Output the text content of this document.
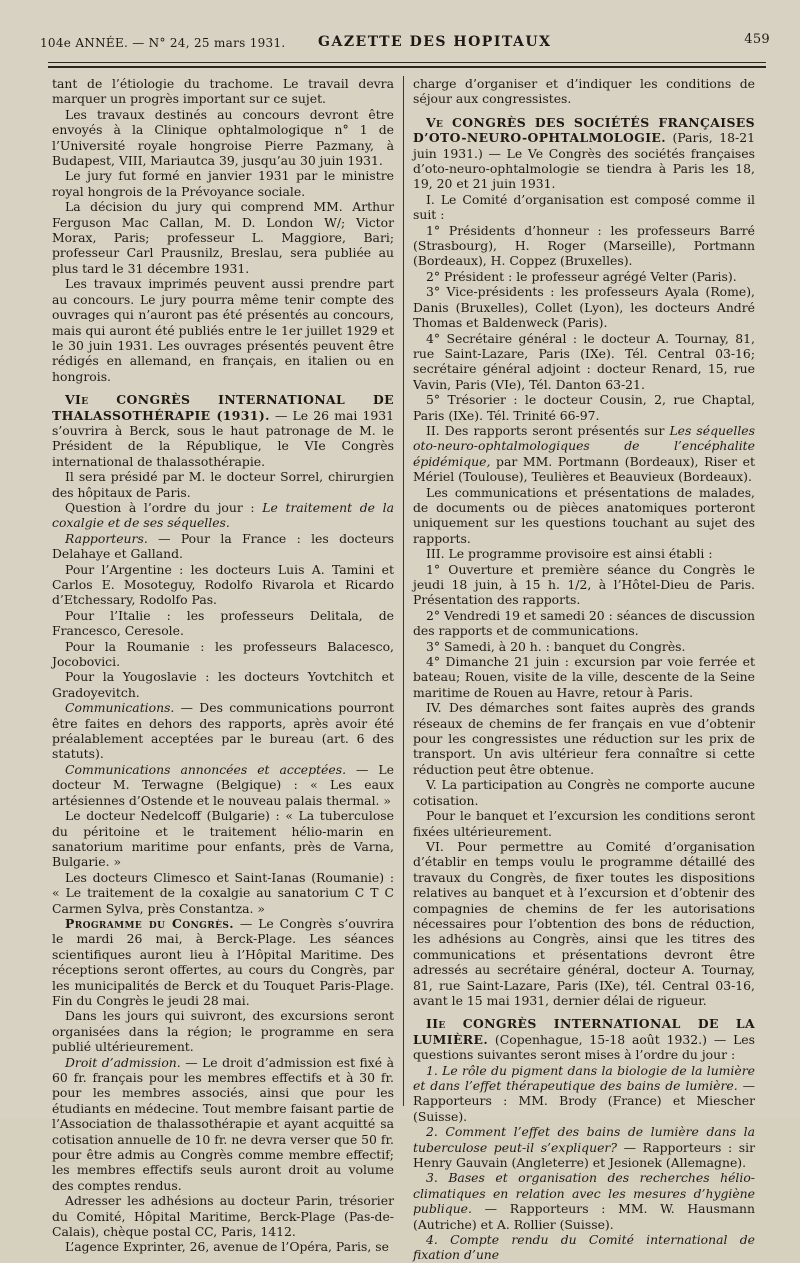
104e ANNÉE. — N° 24, 25 mars 1931. GAZETTE DES HOPITAUX	459

tant de l’étiologie du trachome. Le travail devra marquer un progrès important sur ce sujet.

Les travaux destinés au concours devront être envoyés à la Clinique ophtalmologique n° 1 de l’Université royale hongroise Pierre Pazmany, à Budapest, VIII, Mariautca 39, jusqu’au 30 juin 1931.

Le jury fut formé en janvier 1931 par le ministre royal hongrois de la Prévoyance sociale.

La décision du jury qui comprend MM. Arthur Ferguson Mac Callan, M. D. London W/; Victor Morax, Paris; professeur L. Maggiore, Bari; professeur Carl Prausnilz, Breslau, sera publiée au plus tard le 31 décembre 1931.

Les travaux imprimés peuvent aussi prendre part au concours. Le jury pourra même tenir compte des ouvrages qui n’auront pas été présentés au concours, mais qui auront été publiés entre le 1er juillet 1929 et le 30 juin 1931. Les ouvrages présentés peuvent être rédigés en allemand, en français, en italien ou en hongrois.

VIe CONGRÈS INTERNATIONAL DE THALASSOTHÉRAPIE (1931). — Le 26 mai 1931 s’ouvrira à Berck, sous le haut patronage de M. le Président de la République, le VIe Congrès international de thalassothérapie.

Il sera présidé par M. le docteur Sorrel, chirurgien des hôpitaux de Paris.

Question à l’ordre du jour : Le traitement de la coxalgie et de ses séquelles.

Rapporteurs. — Pour la France : les docteurs Delahaye et Galland.

Pour l’Argentine : les docteurs Luis A. Tamini et Carlos E. Mosoteguy, Rodolfo Rivarola et Ricardo d’Etchessary, Rodolfo Pas.

Pour l’Italie : les professeurs Delitala, de Francesco, Ceresole.

Pour la Roumanie : les professeurs Balacesco, Jocobovici.

Pour la Yougoslavie : les docteurs Yovtchitch et Gradoyevitch.

Communications. — Des communications pourront être faites en dehors des rapports, après avoir été préalablement acceptées par le bureau (art. 6 des statuts).

Communications annoncées et acceptées. — Le docteur M. Terwagne (Belgique) : « Les eaux artésiennes d’Ostende et le nouveau palais thermal. »

Le docteur Nedelcoff (Bulgarie) : « La tuberculose du péritoine et le traitement hélio-marin en sanatorium maritime pour enfants, près de Varna, Bulgarie. »

Les docteurs Climesco et Saint-Ianas (Roumanie) : « Le traitement de la coxalgie au sanatorium C T C Carmen Sylva, près Constantza. »

Programme du Congrès. — Le Congrès s’ouvrira le mardi 26 mai, à Berck-Plage. Les séances scientifiques auront lieu à l’Hôpital Maritime. Des réceptions seront offertes, au cours du Congrès, par les municipalités de Berck et du Touquet Paris-Plage. Fin du Congrès le jeudi 28 mai.

Dans les jours qui suivront, des excursions seront organisées dans la région; le programme en sera publié ultérieurement.

Droit d’admission. — Le droit d’admission est fixé à 60 fr. français pour les membres effectifs et à 30 fr. pour les membres associés, ainsi que pour les étudiants en médecine. Tout membre faisant partie de l’Association de thalassothérapie et ayant acquitté sa cotisation annuelle de 10 fr. ne devra verser que 50 fr. pour être admis au Congrès comme membre effectif; les membres effectifs seuls auront droit au volume des comptes rendus.

Adresser les adhésions au docteur Parin, trésorier du Comité, Hôpital Maritime, Berck-Plage (Pas-de-Calais), chèque postal CC, Paris, 1412.

L’agence Exprinter, 26, avenue de l’Opéra, Paris, se

charge d’organiser et d’indiquer les conditions de séjour aux congressistes.

Ve CONGRÈS DES SOCIÉTÉS FRANÇAISES D’OTO-NEURO-OPHTALMOLOGIE. (Paris, 18-21 juin 1931.) — Le Ve Congrès des sociétés françaises d’oto-neuro-ophtalmologie se tiendra à Paris les 18, 19, 20 et 21 juin 1931.

I. Le Comité d’organisation est composé comme il suit :

1° Présidents d’honneur : les professeurs Barré (Strasbourg), H. Roger (Marseille), Portmann (Bordeaux), H. Coppez (Bruxelles).

2° Président : le professeur agrégé Velter (Paris).

3° Vice-présidents : les professeurs Ayala (Rome), Danis (Bruxelles), Collet (Lyon), les docteurs André Thomas et Baldenweck (Paris).

4° Secrétaire général : le docteur A. Tournay, 81, rue Saint-Lazare, Paris (IXe). Tél. Central 03-16; secrétaire général adjoint : docteur Renard, 15, rue Vavin, Paris (VIe), Tél. Danton 63-21.

5° Trésorier : le docteur Cousin, 2, rue Chaptal, Paris (IXe). Tél. Trinité 66-97.

II. Des rapports seront présentés sur Les séquelles oto-neuro-ophtalmologiques de l’encéphalite épidémique, par MM. Portmann (Bordeaux), Riser et Mériel (Toulouse), Teulières et Beauvieux (Bordeaux).

Les communications et présentations de malades, de documents ou de pièces anatomiques porteront uniquement sur les questions touchant au sujet des rapports.

III. Le programme provisoire est ainsi établi :

1° Ouverture et première séance du Congrès le jeudi 18 juin, à 15 h. 1/2, à l’Hôtel-Dieu de Paris. Présentation des rapports.

2° Vendredi 19 et samedi 20 : séances de discussion des rapports et de communications.

3° Samedi, à 20 h. : banquet du Congrès.

4° Dimanche 21 juin : excursion par voie ferrée et bateau; Rouen, visite de la ville, descente de la Seine maritime de Rouen au Havre, retour à Paris.

IV. Des démarches sont faites auprès des grands réseaux de chemins de fer français en vue d’obtenir pour les congressistes une réduction sur les prix de transport. Un avis ultérieur fera connaître si cette réduction peut être obtenue.

V. La participation au Congrès ne comporte aucune cotisation.

Pour le banquet et l’excursion les conditions seront fixées ultérieurement.

VI. Pour permettre au Comité d’organisation d’établir en temps voulu le programme détaillé des travaux du Congrès, de fixer toutes les dispositions relatives au banquet et à l’excursion et d’obtenir des compagnies de chemins de fer les autorisations nécessaires pour l’obtention des bons de réduction, les adhésions au Congrès, ainsi que les titres des communications et présentations devront être adressés au secrétaire général, docteur A. Tournay, 81, rue Saint-Lazare, Paris (IXe), tél. Central 03-16, avant le 15 mai 1931, dernier délai de rigueur.

IIe CONGRÈS INTERNATIONAL DE LA LUMIÈRE. (Copenhague, 15-18 août 1932.) — Les questions suivantes seront mises à l’ordre du jour :

1. Le rôle du pigment dans la biologie de la lumière et dans l’effet thérapeutique des bains de lumière. — Rapporteurs : MM. Brody (France) et Miescher (Suisse).

2. Comment l’effet des bains de lumière dans la tuberculose peut-il s’expliquer? — Rapporteurs : sir Henry Gauvain (Angleterre) et Jesionek (Allemagne).

3. Bases et organisation des recherches hélio-climatiques en relation avec les mesures d’hygiène publique. — Rapporteurs : MM. W. Hausmann (Autriche) et A. Rollier (Suisse).

4. Compte rendu du Comité international de fixation d’une
